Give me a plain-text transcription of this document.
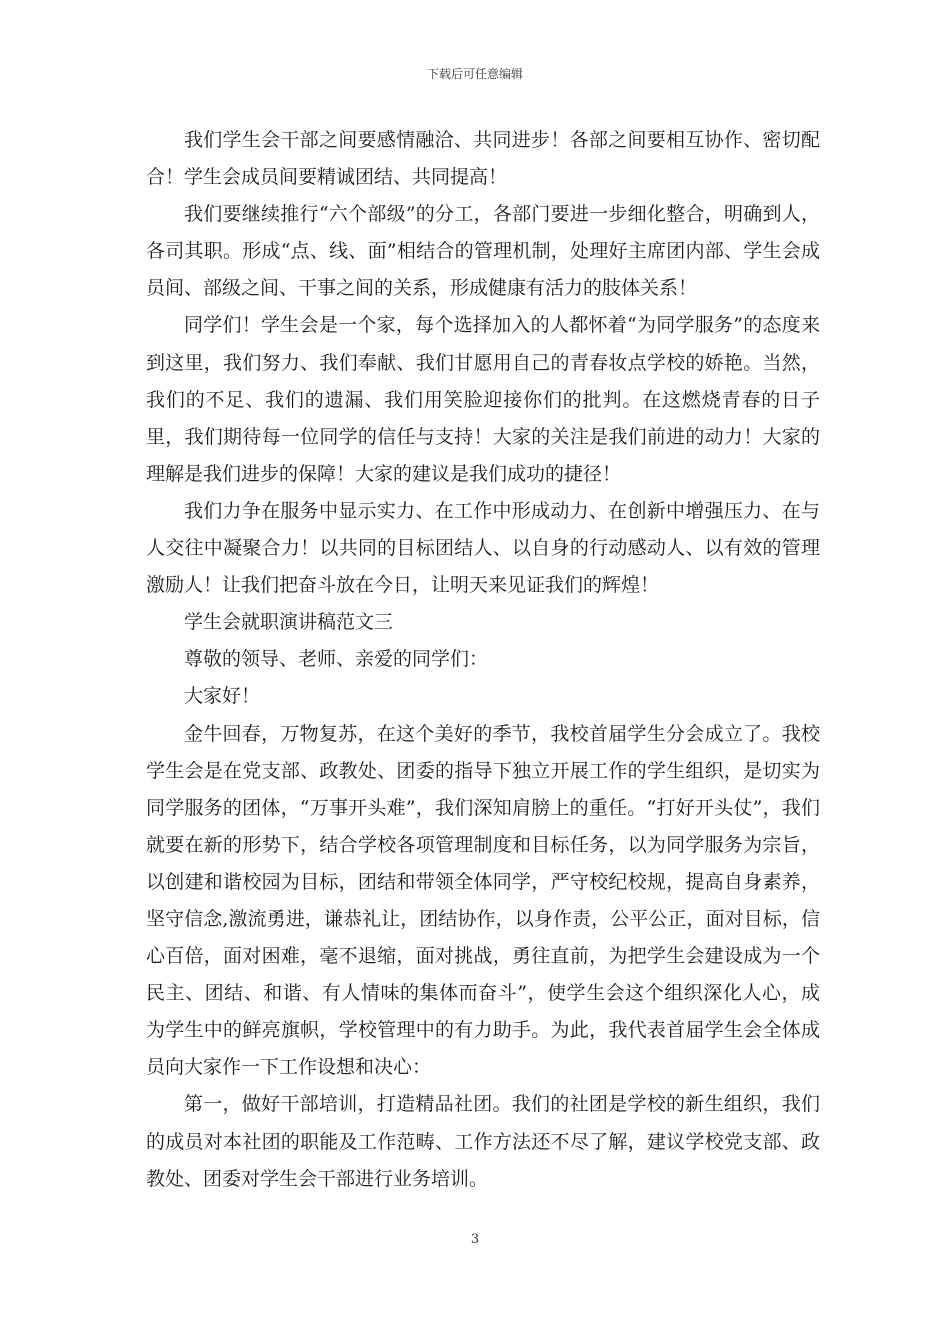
下载后可任意编辑

我们学生会干部之间要感情融洽、共同进步！各部之间要相互协作、密切配合！学生会成员间要精诚团结、共同提高！

我们要继续推行“六个部级”的分工，各部门要进一步细化整合，明确到人，各司其职。形成“点、线、面”相结合的管理机制，处理好主席团内部、学生会成员间、部级之间、干事之间的关系，形成健康有活力的肢体关系！

同学们！学生会是一个家，每个选择加入的人都怀着“为同学服务”的态度来到这里，我们努力、我们奉献、我们甘愿用自己的青春妆点学校的娇艳。当然，我们的不足、我们的遗漏、我们用笑脸迎接你们的批判。在这燃烧青春的日子里，我们期待每一位同学的信任与支持！大家的关注是我们前进的动力！大家的理解是我们进步的保障！大家的建议是我们成功的捷径！

我们力争在服务中显示实力、在工作中形成动力、在创新中增强压力、在与人交往中凝聚合力！以共同的目标团结人、以自身的行动感动人、以有效的管理激励人！让我们把奋斗放在今日，让明天来见证我们的辉煌！

学生会就职演讲稿范文三

尊敬的领导、老师、亲爱的同学们：

大家好！

金牛回春，万物复苏，在这个美好的季节，我校首届学生分会成立了。我校学生会是在党支部、政教处、团委的指导下独立开展工作的学生组织，是切实为同学服务的团体，“万事开头难”，我们深知肩膀上的重任。“打好开头仗”，我们就要在新的形势下，结合学校各项管理制度和目标任务，以为同学服务为宗旨，以创建和谐校园为目标，团结和带领全体同学，严守校纪校规，提高自身素养，坚守信念,激流勇进，谦恭礼让，团结协作，以身作责，公平公正，面对目标，信心百倍，面对困难，毫不退缩，面对挑战，勇往直前，为把学生会建设成为一个民主、团结、和谐、有人情味的集体而奋斗”，使学生会这个组织深化人心，成为学生中的鲜亮旗帜，学校管理中的有力助手。为此，我代表首届学生会全体成员向大家作一下工作设想和决心：

第一，做好干部培训，打造精品社团。我们的社团是学校的新生组织，我们的成员对本社团的职能及工作范畴、工作方法还不尽了解，建议学校党支部、政教处、团委对学生会干部进行业务培训。

3
